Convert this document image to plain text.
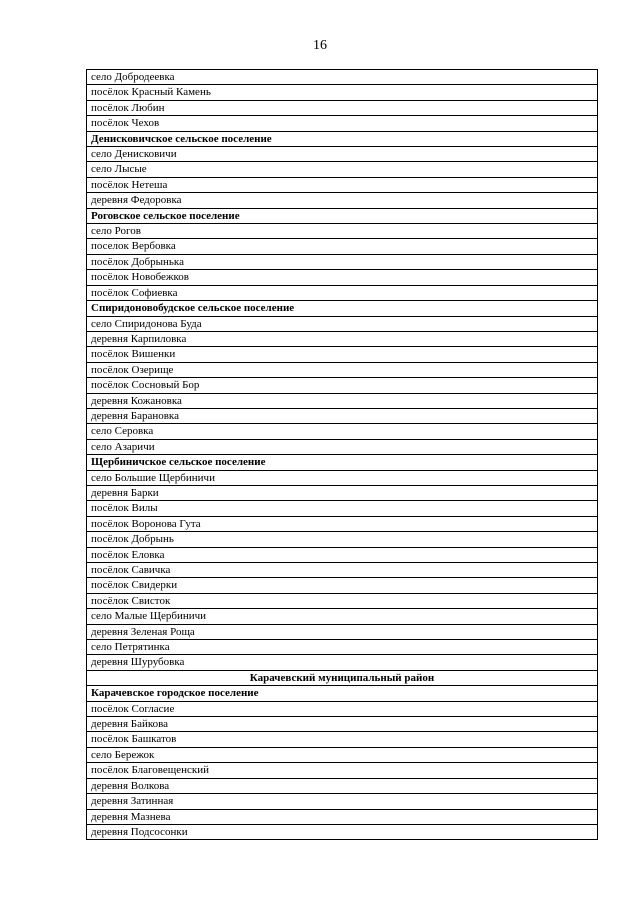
16
село Добродеевка
посёлок Красный Камень
посёлок Любин
посёлок Чехов
Денисковичское сельское поселение
село Денисковичи
село Лысые
посёлок Нетеша
деревня Федоровка
Роговское сельское поселение
село Рогов
поселок Вербовка
посёлок Добрынька
посёлок Новобежков
посёлок Софиевка
Спиридоновобудское сельское поселение
село Спиридонова Буда
деревня Карпиловка
посёлок Вишенки
посёлок Озерище
посёлок Сосновый Бор
деревня Кожановка
деревня Барановка
село Серовка
село Азаричи
Щербиничское сельское поселение
село Большие Щербиничи
деревня Барки
посёлок Вилы
посёлок Воронова Гута
посёлок Добрынь
посёлок Еловка
посёлок Савичка
посёлок Свидерки
посёлок Свисток
село Малые Щербиничи
деревня Зеленая Роща
село Петрятинка
деревня Шурубовка
Карачевский муниципальный район
Карачевское городское поселение
посёлок Согласие
деревня Байкова
посёлок Башкатов
село Бережок
посёлок Благовещенский
деревня Волкова
деревня Затинная
деревня Мазнева
деревня Подсосонки
